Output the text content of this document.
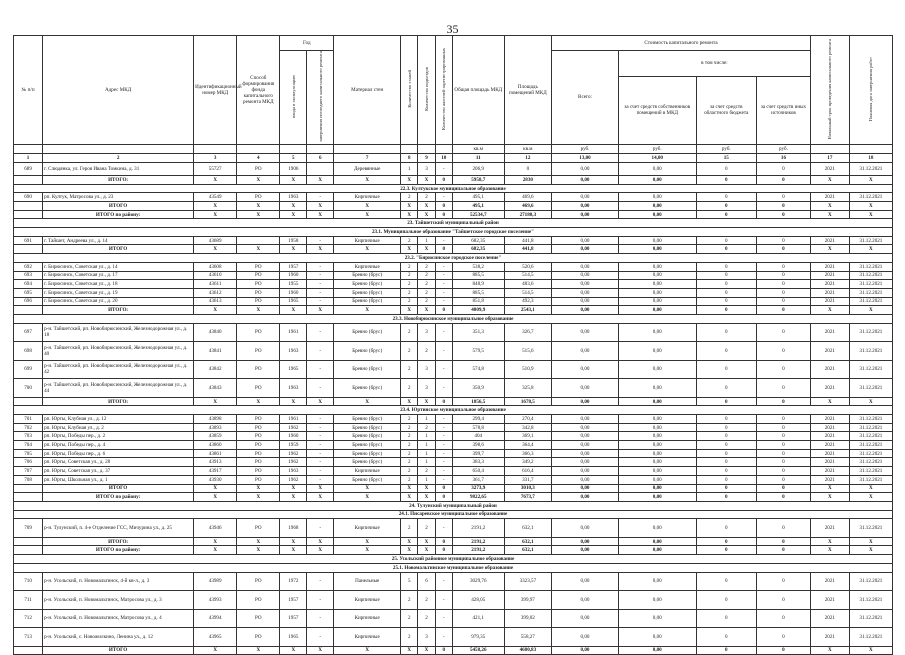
35
№ п/п	Адрес МКД	Идентификационный номер МКД	Способ формирования фонда капитального ремонта МКД	Год		Материал стен	Количество этажей	Количество подъездов	Количество жителей зарегистрированных	Общая площадь МКД	Площадь помещений МКД	Стоимость капитального ремонта				Начальный срок проведения капитального ремонта	Плановая дата завершения работ
				ввода в эксплуатацию	завершения последнего капитального ремонта							Всего:	в том числе:				
													за счет средств собственников помещений в МКД	за счет средств областного бюджета	за счет средств иных источников		
										кв.м	кв.м	руб.	руб.	руб.	руб.		
1	2	3	4	5	6	7	8	9	10	11	12	13,00	14,00	15	16	17	18
689	г. Слюдянка, ул. Героя Ивана Томкина, д. 31	55727	РО	1906		Деревянные	1	3	-	206,9	0	0,00	0,00	0	0	2021	31.12.2021
	ИТОГО:	X	X	X	X	X	X	X	0	5958,7	2830	0,00	0,00	0	0	X	X
22.3. Култукское муниципальное образование																	
690	рп. Култук, Матросова ул., д. 23	43549	РО	1963	-	Кирпичные	2	2	-	495,1	469,6	0,00	0,00	0	0	2021	31.12.2021
	ИТОГО	X	X	X	X	X	X	X	0	495,1	469,6	0,00	0,00	0	0	X	X
	ИТОГО по району:	X	X	X	X	X	X	X	0	52534,7	27180,3	0,00	0,00	0	0	X	X
23. Тайшетский муниципальный район																	
23.1. Муниципальное образование "Тайшетское городское поселение"																	
691	г. Тайшет, Андреева ул., д. 14	43689		1958	-	Кирпичные	2	1	-	682,35	441,8	0,00	0,00	0	0	2021	31.12.2021
	ИТОГО	X	X	X	X	X	X	X	0	682,35	441,8	0,00	0,00	0	0	X	X
23.2. "Бирюсинское городское поселение"																	
692	г. Бирюсинск, Советская ул., д. 14	43608	РО	1957	-	Кирпичные	2	2	-	538,2	520,6	0,00	0,00	0	0	2021	31.12.2021
693	г. Бирюсинск, Советская ул., д. 17	43610	РО	1960	-	Бревно (брус)	2	2	-	885,5	514,5	0,00	0,00	0	0	2021	31.12.2021
694	г. Бирюсинск, Советская ул., д. 18	43611	РО	1955	-	Бревно (брус)	2	2	-	848,9	483,6	0,00	0,00	0	0	2021	31.12.2021
695	г. Бирюсинск, Советская ул., д. 19	43612	РО	1960	-	Бревно (брус)	2	2	-	885,5	514,5	0,00	0,00	0	0	2021	31.12.2021
696	г. Бирюсинск, Советская ул., д. 20	43613	РО	1965	-	Бревно (брус)	2	2	-	851,8	492,3	0,00	0,00	0	0	2021	31.12.2021
	ИТОГО:	X	X	X	X	X	X	X	0	4009,9	2543,1	0,00	0,00	0	0	X	X
23.3. Новобирюсинское муниципальное образование																	
697	р-н. Тайшетский, рп. Новобирюсинский, Железнодорожная ул., д. 18	43840	РО	1961	-	Бревно (брус)	2	3	-	351,3	326,7	0,00	0,00	0	0	2021	31.12.2021
698	р-н. Тайшетский, рп. Новобирюсинский, Железнодорожная ул., д. 40	43841	РО	1963	-	Бревно (брус)	2	2	-	579,5	515,6	0,00	0,00	0	0	2021	31.12.2021
699	р-н. Тайшетский, рп. Новобирюсинский, Железнодорожная ул., д. 42	43842	РО	1965	-	Бревно (брус)	2	3	-	574,8	510,9	0,00	0,00	0	0	2021	31.12.2021
700	р-н. Тайшетский, рп. Новобирюсинский, Железнодорожная ул., д. 44	43843	РО	1963	-	Бревно (брус)	2	3	-	350,9	325,8	0,00	0,00	0	0	2021	31.12.2021
	ИТОГО:	X	X	X	X	X	X	X	0	1856,5	1678,5	0,00	0,00	0	0	X	X
23.4. Юртинское муниципальное образование																	
701	рп. Юрты, Клубная ул., д. 12	43898	РО	1961	-	Бревно (брус)	2	1	-	299,4	270,4	0,00	0,00	0	0	2021	31.12.2021
702	рп. Юрты, Клубная ул., д. 2	43893	РО	1962	-	Бревно (брус)	2	2	-	578,8	342,8	0,00	0,00	0	0	2021	31.12.2021
703	рп. Юрты, Победы пер., д. 2	43859	РО	1960	-	Бревно (брус)	2	1	-	404	369,1	0,00	0,00	0	0	2021	31.12.2021
704	рп. Юрты, Победы пер., д. 4	43860	РО	1959	-	Бревно (брус)	2	1	-	398,6	364,4	0,00	0,00	0	0	2021	31.12.2021
705	рп. Юрты, Победы пер., д. 6	43861	РО	1962	-	Бревно (брус)	2	1	-	399,7	366,3	0,00	0,00	0	0	2021	31.12.2021
706	рп. Юрты, Советская ул., д. 28	43913	РО	1962	-	Бревно (брус)	2	1	-	383,3	349,2	0,00	0,00	0	0	2021	31.12.2021
707	рп. Юрты, Советская ул., д. 37	43917	РО	1963	-	Кирпичные	2	2	-	650,4	616,4	0,00	0,00	0	0	2021	31.12.2021
708	рп. Юрты, Школьная ул., д. 1	43930	РО	1962	-	Бревно (брус)	2	1	-	361,7	331,7	0,00	0,00	0	0	2021	31.12.2021
	ИТОГО	X	X	X	X	X	X	X	0	3273,9	3010,3	0,00	0,00	0	0	X	X
	ИТОГО по району:	X	X	X	X	X	X	X	0	9822,65	7673,7	0,00	0,00	0	0	X	X
24. Тулунский муниципальный район																	
24.1. Писаревское муниципальное образование																	
709	р-н. Тулунский, п. 4-е Отделение ГСС, Мичурина ул., д. 25	43946	РО	1968	-	Кирпичные	2	2	-	2191,2	632,1	0,00	0,00	0	0	2021	31.12.2021
	ИТОГО:	X	X	X	X	X	X	X	0	2191,2	632,1	0,00	0,00	0	0	X	X
	ИТОГО по району:	X	X	X	X	X	X	X	0	2191,2	632,1	0,00	0,00	0	0	X	X
25. Усольский районное муниципальное образование																	
25.1. Новомальтинское муниципальное образование																	
710	р-н. Усольский, п. Новомальтинск, 4-й кв-л., д. 3	43989	РО	1972	-	Панельные	5	6	-	3029,76	3323,57	0,00	0,00	0	0	2021	31.12.2021
711	р-н. Усольский, п. Новомальтинск, Матросова ул., д. 3	43993	РО	1957	-	Кирпичные	2	2	-	428,05	399,97	0,00	0,00	0	0	2021	31.12.2021
712	р-н. Усольский, п. Новомальтинск, Матросова ул., д. 4	43994	РО	1957	-	Кирпичные	2	2	-	421,1	399,02	0,00	0,00	0	0	2021	31.12.2021
713	р-н. Усольский, с. Новожилкино, Ленина ул., д. 12	43965	РО	1965	-	Кирпичные	2	3	-	979,35	558,27	0,00	0,00	0	0	2021	31.12.2021
	ИТОГО	X	X	X	X	X	X	X	0	5458,26	4680,83	0,00	0,00	0	0	X	X
